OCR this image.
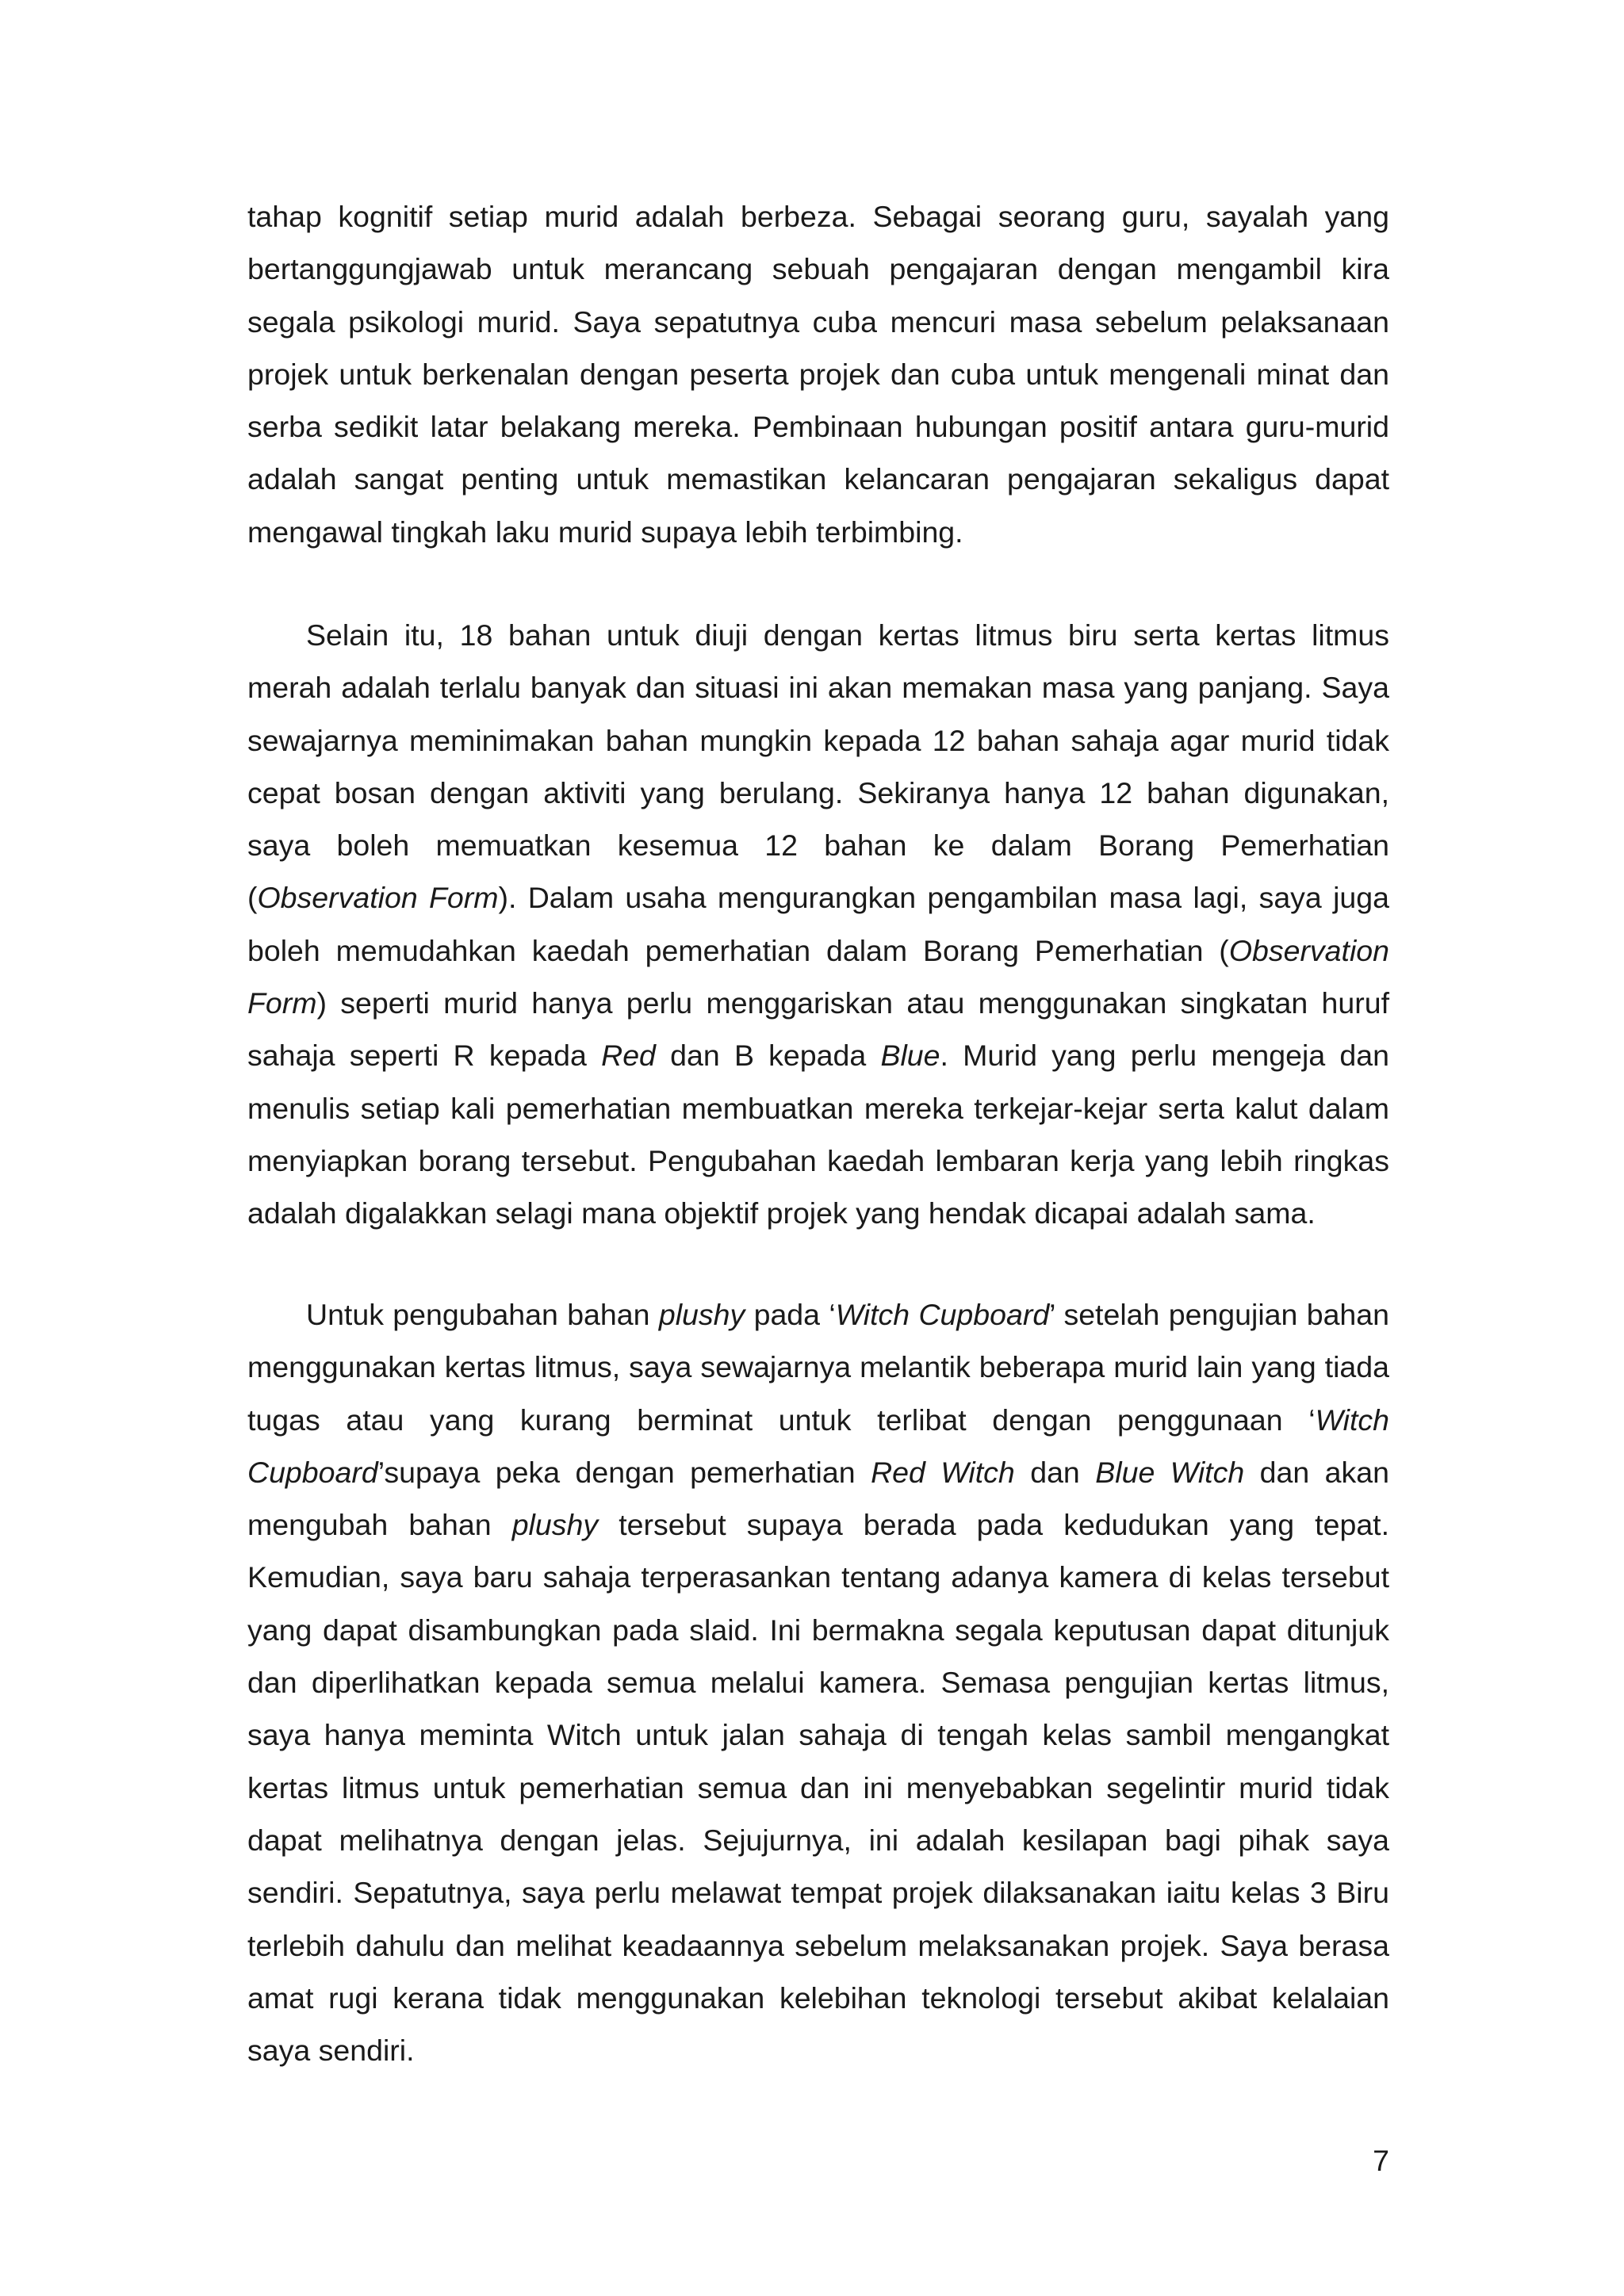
tahap kognitif setiap murid adalah berbeza. Sebagai seorang guru, sayalah yang bertanggungjawab untuk merancang sebuah pengajaran dengan mengambil kira segala psikologi murid. Saya sepatutnya cuba mencuri masa sebelum pelaksanaan projek untuk berkenalan dengan peserta projek dan cuba untuk mengenali minat dan serba sedikit latar belakang mereka. Pembinaan hubungan positif antara guru-murid adalah sangat penting untuk memastikan kelancaran pengajaran sekaligus dapat mengawal tingkah laku murid supaya lebih terbimbing.

Selain itu, 18 bahan untuk diuji dengan kertas litmus biru serta kertas litmus merah adalah terlalu banyak dan situasi ini akan memakan masa yang panjang. Saya sewajarnya meminimakan bahan mungkin kepada 12 bahan sahaja agar murid tidak cepat bosan dengan aktiviti yang berulang. Sekiranya hanya 12 bahan digunakan, saya boleh memuatkan kesemua 12 bahan ke dalam Borang Pemerhatian (Observation Form). Dalam usaha mengurangkan pengambilan masa lagi, saya juga boleh memudahkan kaedah pemerhatian dalam Borang Pemerhatian (Observation Form) seperti murid hanya perlu menggariskan atau menggunakan singkatan huruf sahaja seperti R kepada Red dan B kepada Blue. Murid yang perlu mengeja dan menulis setiap kali pemerhatian membuatkan mereka terkejar-kejar serta kalut dalam menyiapkan borang tersebut. Pengubahan kaedah lembaran kerja yang lebih ringkas adalah digalakkan selagi mana objektif projek yang hendak dicapai adalah sama.

Untuk pengubahan bahan plushy pada ‘Witch Cupboard’ setelah pengujian bahan menggunakan kertas litmus, saya sewajarnya melantik beberapa murid lain yang tiada tugas atau yang kurang berminat untuk terlibat dengan penggunaan ‘Witch Cupboard’supaya peka dengan pemerhatian Red Witch dan Blue Witch dan akan mengubah bahan plushy tersebut supaya berada pada kedudukan yang tepat. Kemudian, saya baru sahaja terperasankan tentang adanya kamera di kelas tersebut yang dapat disambungkan pada slaid. Ini bermakna segala keputusan dapat ditunjuk dan diperlihatkan kepada semua melalui kamera. Semasa pengujian kertas litmus, saya hanya meminta Witch untuk jalan sahaja di tengah kelas sambil mengangkat kertas litmus untuk pemerhatian semua dan ini menyebabkan segelintir murid tidak dapat melihatnya dengan jelas. Sejujurnya, ini adalah kesilapan bagi pihak saya sendiri. Sepatutnya, saya perlu melawat tempat projek dilaksanakan iaitu kelas 3 Biru terlebih dahulu dan melihat keadaannya sebelum melaksanakan projek. Saya berasa amat rugi kerana tidak menggunakan kelebihan teknologi tersebut akibat kelalaian saya sendiri.

7
